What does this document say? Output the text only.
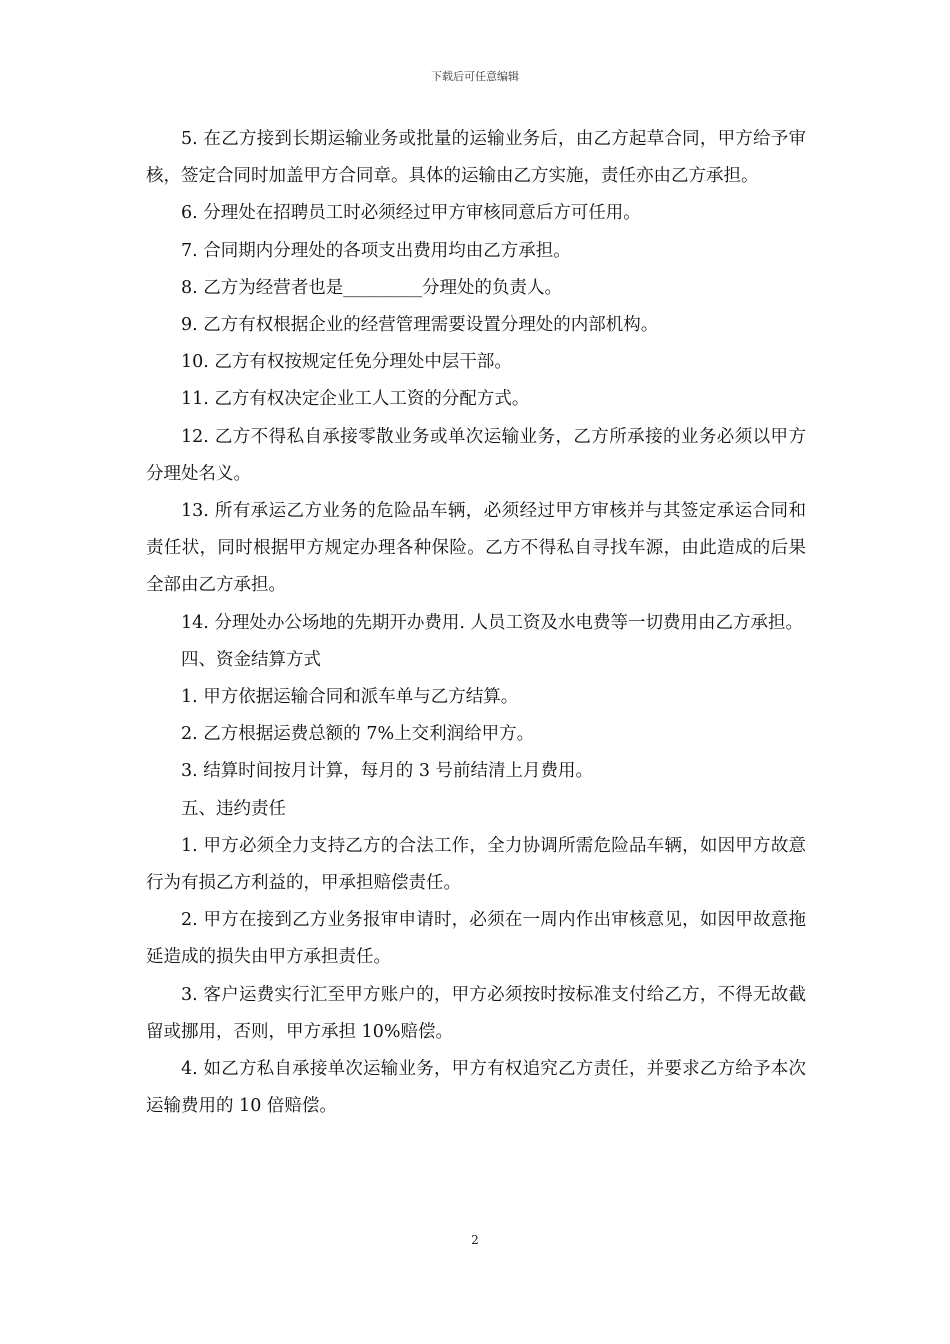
下载后可任意编辑

5. 在乙方接到长期运输业务或批量的运输业务后，由乙方起草合同，甲方给予审核，签定合同时加盖甲方合同章。具体的运输由乙方实施，责任亦由乙方承担。

6. 分理处在招聘员工时必须经过甲方审核同意后方可任用。

7. 合同期内分理处的各项支出费用均由乙方承担。

8. 乙方为经营者也是_________分理处的负责人。

9. 乙方有权根据企业的经营管理需要设置分理处的内部机构。

10. 乙方有权按规定任免分理处中层干部。

11. 乙方有权决定企业工人工资的分配方式。

12. 乙方不得私自承接零散业务或单次运输业务，乙方所承接的业务必须以甲方分理处名义。

13. 所有承运乙方业务的危险品车辆，必须经过甲方审核并与其签定承运合同和责任状，同时根据甲方规定办理各种保险。乙方不得私自寻找车源，由此造成的后果全部由乙方承担。

14. 分理处办公场地的先期开办费用. 人员工资及水电费等一切费用由乙方承担。

四、资金结算方式

1. 甲方依据运输合同和派车单与乙方结算。

2. 乙方根据运费总额的 7%上交利润给甲方。

3. 结算时间按月计算，每月的 3 号前结清上月费用。

五、违约责任

1. 甲方必须全力支持乙方的合法工作，全力协调所需危险品车辆，如因甲方故意行为有损乙方利益的，甲承担赔偿责任。

2. 甲方在接到乙方业务报审申请时，必须在一周内作出审核意见，如因甲故意拖延造成的损失由甲方承担责任。

3. 客户运费实行汇至甲方账户的，甲方必须按时按标准支付给乙方，不得无故截留或挪用，否则，甲方承担 10%赔偿。

4. 如乙方私自承接单次运输业务，甲方有权追究乙方责任，并要求乙方给予本次运输费用的 10 倍赔偿。

2
